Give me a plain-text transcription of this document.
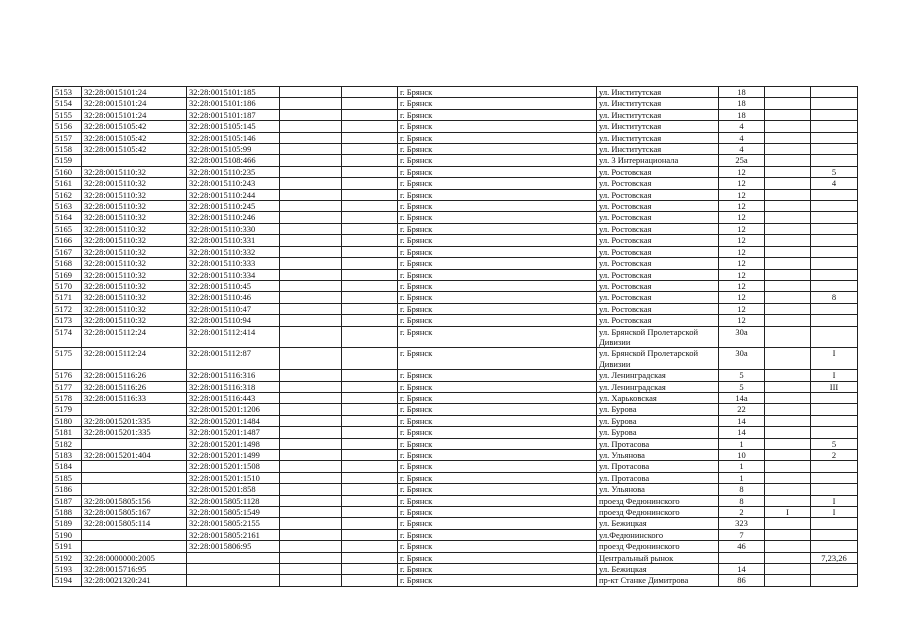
5153	32:28:0015101:24	32:28:0015101:185			г. Брянск	ул. Институтская	18		
5154	32:28:0015101:24	32:28:0015101:186			г. Брянск	ул. Институтская	18		
5155	32:28:0015101:24	32:28:0015101:187			г. Брянск	ул. Институтская	18		
5156	32:28:0015105:42	32:28:0015105:145			г. Брянск	ул. Институтская	4		
5157	32:28:0015105:42	32:28:0015105:146			г. Брянск	ул. Институтская	4		
5158	32:28:0015105:42	32:28:0015105:99			г. Брянск	ул. Институтская	4		
5159		32:28:0015108:466			г. Брянск	ул. 3 Интернационала	25а		
5160	32:28:0015110:32	32:28:0015110:235			г. Брянск	ул. Ростовская	12		5
5161	32:28:0015110:32	32:28:0015110:243			г. Брянск	ул. Ростовская	12		4
5162	32:28:0015110:32	32:28:0015110:244			г. Брянск	ул. Ростовская	12		
5163	32:28:0015110:32	32:28:0015110:245			г. Брянск	ул. Ростовская	12		
5164	32:28:0015110:32	32:28:0015110:246			г. Брянск	ул. Ростовская	12		
5165	32:28:0015110:32	32:28:0015110:330			г. Брянск	ул. Ростовская	12		
5166	32:28:0015110:32	32:28:0015110:331			г. Брянск	ул. Ростовская	12		
5167	32:28:0015110:32	32:28:0015110:332			г. Брянск	ул. Ростовская	12		
5168	32:28:0015110:32	32:28:0015110:333			г. Брянск	ул. Ростовская	12		
5169	32:28:0015110:32	32:28:0015110:334			г. Брянск	ул. Ростовская	12		
5170	32:28:0015110:32	32:28:0015110:45			г. Брянск	ул. Ростовская	12		
5171	32:28:0015110:32	32:28:0015110:46			г. Брянск	ул. Ростовская	12		8
5172	32:28:0015110:32	32:28:0015110:47			г. Брянск	ул. Ростовская	12		
5173	32:28:0015110:32	32:28:0015110:94			г. Брянск	ул. Ростовская	12		
5174	32:28:0015112:24	32:28:0015112:414			г. Брянск	ул. Брянской Пролетарской Дивизии	30а		
5175	32:28:0015112:24	32:28:0015112:87			г. Брянск	ул. Брянской Пролетарской Дивизии	30а		I
5176	32:28:0015116:26	32:28:0015116:316			г. Брянск	ул. Ленинградская	5		I
5177	32:28:0015116:26	32:28:0015116:318			г. Брянск	ул. Ленинградская	5		III
5178	32:28:0015116:33	32:28:0015116:443			г. Брянск	ул. Харьковская	14а		
5179		32:28:0015201:1206			г. Брянск	ул. Бурова	22		
5180	32:28:0015201:335	32:28:0015201:1484			г. Брянск	ул. Бурова	14		
5181	32:28:0015201:335	32:28:0015201:1487			г. Брянск	ул. Бурова	14		
5182		32:28:0015201:1498			г. Брянск	ул. Протасова	1		5
5183	32:28:0015201:404	32:28:0015201:1499			г. Брянск	ул. Ульянова	10		2
5184		32:28:0015201:1508			г. Брянск	ул. Протасова	1		
5185		32:28:0015201:1510			г. Брянск	ул. Протасова	1		
5186		32:28:0015201:858			г. Брянск	ул. Ульянова	8		
5187	32:28:0015805:156	32:28:0015805:1128			г. Брянск	проезд Федюнинского	8		I
5188	32:28:0015805:167	32:28:0015805:1549			г. Брянск	проезд Федюнинского	2	I	I
5189	32:28:0015805:114	32:28:0015805:2155			г. Брянск	ул. Бежицкая	323		
5190		32:28:0015805:2161			г. Брянск	ул.Федюнинского	7		
5191		32:28:0015806:95			г. Брянск	проезд Федюнинского	46		
5192	32:28:0000000:2005				г. Брянск	Центральный рынок			7,23,26
5193	32:28:0015716:95				г. Брянск	ул. Бежицкая	14		
5194	32:28:0021320:241				г. Брянск	пр-кт Станке Димитрова	86		
